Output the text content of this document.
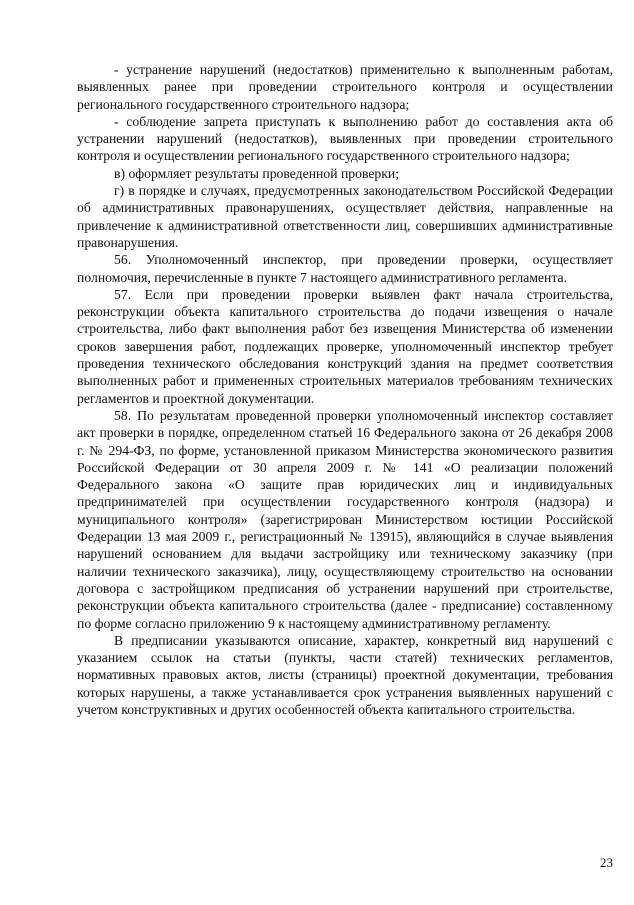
- устранение нарушений (недостатков) применительно к выполненным работам, выявленных ранее при проведении строительного контроля и осуществлении регионального государственного строительного надзора;

- соблюдение запрета приступать к выполнению работ до составления акта об устранении нарушений (недостатков), выявленных при проведении строительного контроля и осуществлении регионального государственного строительного надзора;

в) оформляет результаты проведенной проверки;

г) в порядке и случаях, предусмотренных законодательством Российской Федерации об административных правонарушениях, осуществляет действия, направленные на привлечение к административной ответственности лиц, совершивших административные правонарушения.

56. Уполномоченный инспектор, при проведении проверки, осуществляет полномочия, перечисленные в пункте 7 настоящего административного регламента.

57. Если при проведении проверки выявлен факт начала строительства, реконструкции объекта капитального строительства до подачи извещения о начале строительства, либо факт выполнения работ без извещения Министерства об изменении сроков завершения работ, подлежащих проверке, уполномоченный инспектор требует проведения технического обследования конструкций здания на предмет соответствия выполненных работ и примененных строительных материалов требованиям технических регламентов и проектной документации.

58. По результатам проведенной проверки уполномоченный инспектор составляет акт проверки в порядке, определенном статьей 16 Федерального закона от 26 декабря 2008 г. № 294-ФЗ, по форме, установленной приказом Министерства экономического развития Российской Федерации от 30 апреля 2009 г. № 141 «О реализации положений Федерального закона «О защите прав юридических лиц и индивидуальных предпринимателей при осуществлении государственного контроля (надзора) и муниципального контроля» (зарегистрирован Министерством юстиции Российской Федерации 13 мая 2009 г., регистрационный № 13915), являющийся в случае выявления нарушений основанием для выдачи застройщику или техническому заказчику (при наличии технического заказчика), лицу, осуществляющему строительство на основании договора с застройщиком предписания об устранении нарушений при строительстве, реконструкции объекта капитального строительства (далее - предписание) составленному по форме согласно приложению 9 к настоящему административному регламенту.

В предписании указываются описание, характер, конкретный вид нарушений с указанием ссылок на статьи (пункты, части статей) технических регламентов, нормативных правовых актов, листы (страницы) проектной документации, требования которых нарушены, а также устанавливается срок устранения выявленных нарушений с учетом конструктивных и других особенностей объекта капитального строительства.

23
